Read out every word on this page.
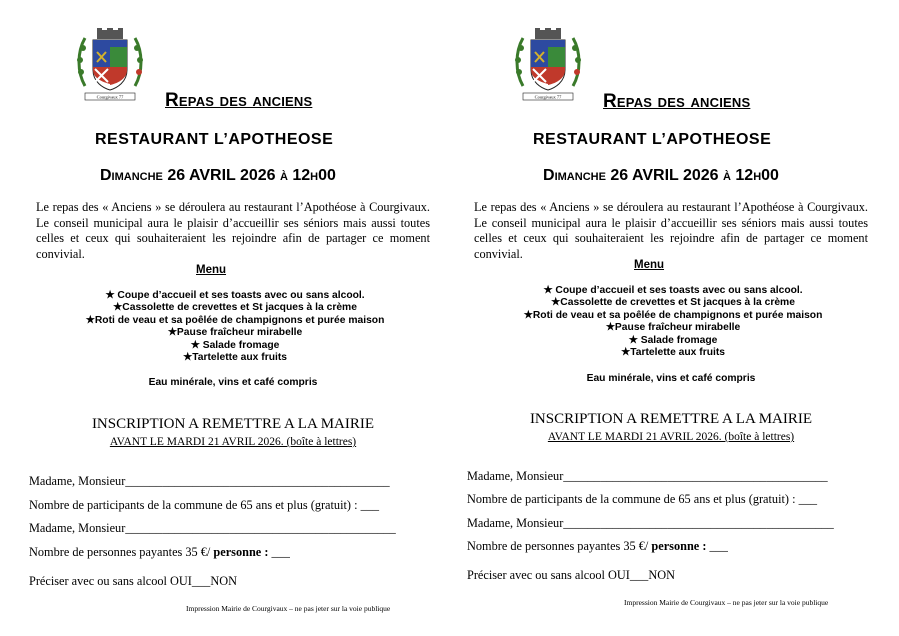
Courgivaux 77 Repas des anciens
RESTAURANT L’APOTHEOSE
Dimanche 26 AVRIL 2026 à 12h00
Le repas des « Anciens » se déroulera au restaurant l’Apothéose à Courgivaux. Le conseil municipal aura le plaisir d’accueillir ses séniors mais aussi toutes celles et ceux qui souhaiteraient les rejoindre afin de partager ce moment convivial.
Menu
★ Coupe d’accueil et ses toasts avec ou sans alcool.
★Cassolette de crevettes et St jacques à la crème
★Roti de veau et sa poêlée de champignons et purée maison
★Pause fraîcheur mirabelle
★ Salade fromage
★Tartelette aux fruits
Eau minérale, vins et café compris
INSCRIPTION A REMETTRE A LA MAIRIE
AVANT LE MARDI 21 AVRIL 2026. (boîte à lettres)
Madame, Monsieur___________________________________________
Nombre de participants de la commune de 65 ans et plus (gratuit) : ___
Madame, Monsieur____________________________________________
Nombre de personnes payantes 35 €/ personne : ___
Préciser avec ou sans alcool OUI___NON
Impression Mairie de Courgivaux – ne pas jeter sur la voie publique
Courgivaux 77 Repas des anciens
RESTAURANT L’APOTHEOSE
Dimanche 26 AVRIL 2026 à 12h00
Le repas des « Anciens » se déroulera au restaurant l’Apothéose à Courgivaux. Le conseil municipal aura le plaisir d’accueillir ses séniors mais aussi toutes celles et ceux qui souhaiteraient les rejoindre afin de partager ce moment convivial.
Menu
★ Coupe d’accueil et ses toasts avec ou sans alcool.
★Cassolette de crevettes et St jacques à la crème
★Roti de veau et sa poêlée de champignons et purée maison
★Pause fraîcheur mirabelle
★ Salade fromage
★Tartelette aux fruits
Eau minérale, vins et café compris
INSCRIPTION A REMETTRE A LA MAIRIE
AVANT LE MARDI 21 AVRIL 2026. (boîte à lettres)
Madame, Monsieur___________________________________________
Nombre de participants de la commune de 65 ans et plus (gratuit) : ___
Madame, Monsieur____________________________________________
Nombre de personnes payantes 35 €/ personne : ___
Préciser avec ou sans alcool OUI___NON
Impression Mairie de Courgivaux – ne pas jeter sur la voie publique
